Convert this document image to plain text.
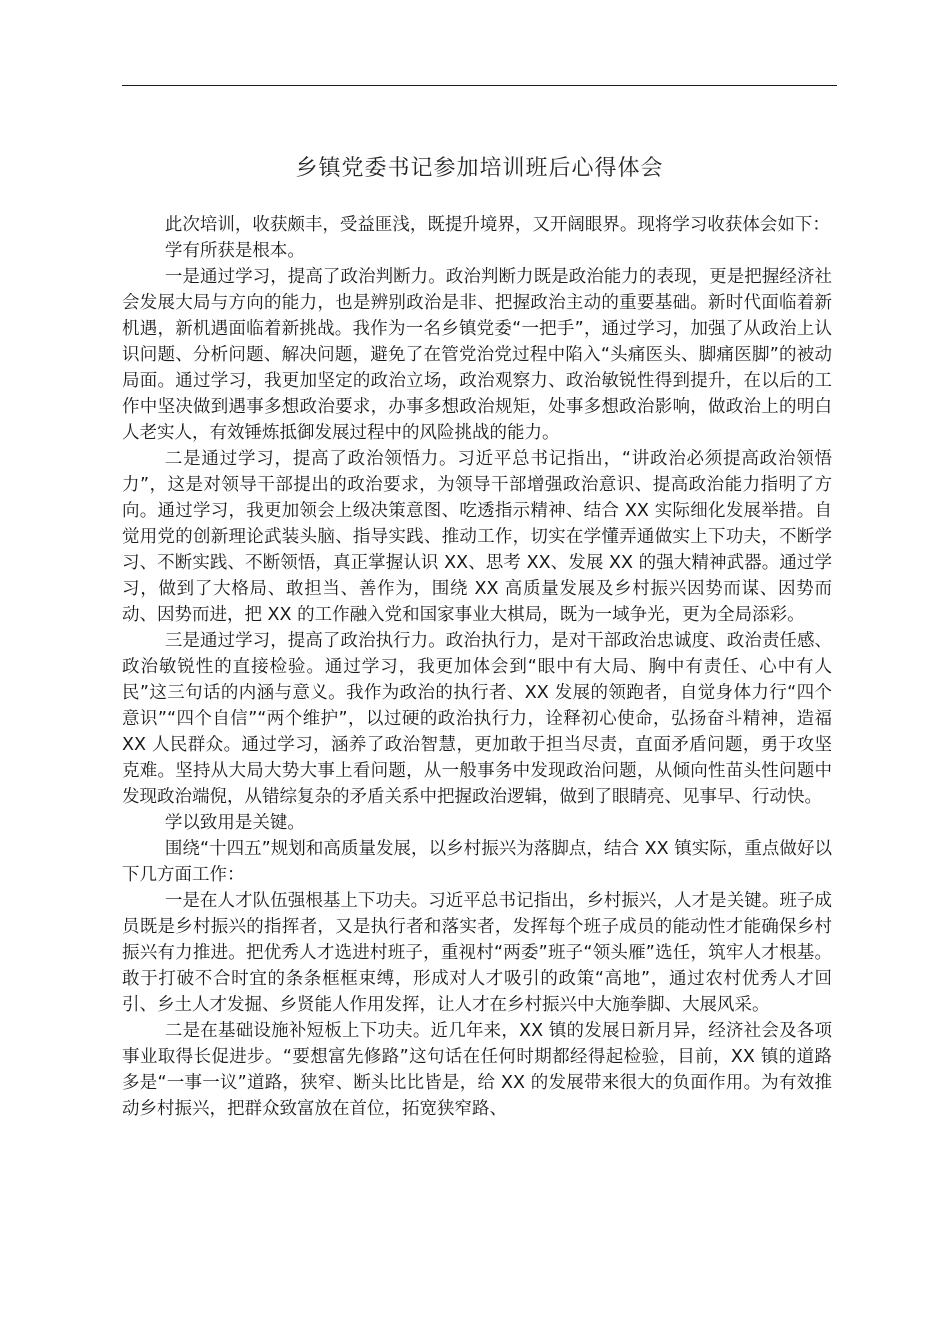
乡镇党委书记参加培训班后心得体会

此次培训，收获颇丰，受益匪浅，既提升境界，又开阔眼界。现将学习收获体会如下：

学有所获是根本。

一是通过学习，提高了政治判断力。政治判断力既是政治能力的表现，更是把握经济社会发展大局与方向的能力，也是辨别政治是非、把握政治主动的重要基础。新时代面临着新机遇，新机遇面临着新挑战。我作为一名乡镇党委“一把手”，通过学习，加强了从政治上认识问题、分析问题、解决问题，避免了在管党治党过程中陷入“头痛医头、脚痛医脚”的被动局面。通过学习，我更加坚定的政治立场，政治观察力、政治敏锐性得到提升，在以后的工作中坚决做到遇事多想政治要求，办事多想政治规矩，处事多想政治影响，做政治上的明白人老实人，有效锤炼抵御发展过程中的风险挑战的能力。

二是通过学习，提高了政治领悟力。习近平总书记指出，“讲政治必须提高政治领悟力”，这是对领导干部提出的政治要求，为领导干部增强政治意识、提高政治能力指明了方向。通过学习，我更加领会上级决策意图、吃透指示精神、结合 XX 实际细化发展举措。自觉用党的创新理论武装头脑、指导实践、推动工作，切实在学懂弄通做实上下功夫，不断学习、不断实践、不断领悟，真正掌握认识 XX、思考 XX、发展 XX 的强大精神武器。通过学习，做到了大格局、敢担当、善作为，围绕 XX 高质量发展及乡村振兴因势而谋、因势而动、因势而进，把 XX 的工作融入党和国家事业大棋局，既为一域争光，更为全局添彩。

三是通过学习，提高了政治执行力。政治执行力，是对干部政治忠诚度、政治责任感、政治敏锐性的直接检验。通过学习，我更加体会到“眼中有大局、胸中有责任、心中有人民”这三句话的内涵与意义。我作为政治的执行者、XX 发展的领跑者，自觉身体力行“四个意识”“四个自信”“两个维护”，以过硬的政治执行力，诠释初心使命，弘扬奋斗精神，造福 XX 人民群众。通过学习，涵养了政治智慧，更加敢于担当尽责，直面矛盾问题，勇于攻坚克难。坚持从大局大势大事上看问题，从一般事务中发现政治问题，从倾向性苗头性问题中发现政治端倪，从错综复杂的矛盾关系中把握政治逻辑，做到了眼睛亮、见事早、行动快。

学以致用是关键。

围绕“十四五”规划和高质量发展，以乡村振兴为落脚点，结合 XX 镇实际，重点做好以下几方面工作：

一是在人才队伍强根基上下功夫。习近平总书记指出，乡村振兴，人才是关键。班子成员既是乡村振兴的指挥者，又是执行者和落实者，发挥每个班子成员的能动性才能确保乡村振兴有力推进。把优秀人才选进村班子，重视村“两委”班子“领头雁”选任，筑牢人才根基。敢于打破不合时宜的条条框框束缚，形成对人才吸引的政策“高地”，通过农村优秀人才回引、乡土人才发掘、乡贤能人作用发挥，让人才在乡村振兴中大施拳脚、大展风采。

二是在基础设施补短板上下功夫。近几年来，XX 镇的发展日新月异，经济社会及各项事业取得长促进步。“要想富先修路”这句话在任何时期都经得起检验，目前，XX 镇的道路多是“一事一议”道路，狭窄、断头比比皆是，给 XX 的发展带来很大的负面作用。为有效推动乡村振兴，把群众致富放在首位，拓宽狭窄路、
